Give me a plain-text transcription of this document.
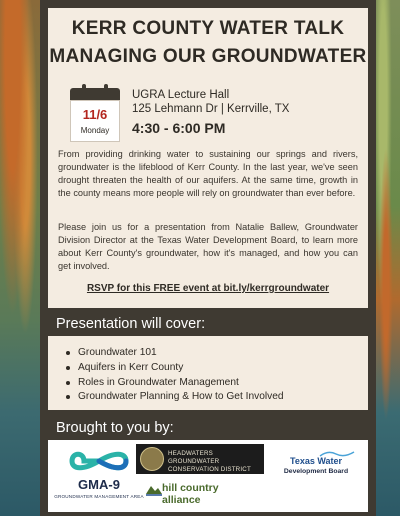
KERR COUNTY WATER TALK
MANAGING OUR GROUNDWATER
11/6
Monday
UGRA Lecture Hall
125 Lehmann Dr | Kerrville, TX
4:30 - 6:00 PM

From providing drinking water to sustaining our springs and rivers, groundwater is the lifeblood of Kerr County. In the last year, we've seen drought threaten the health of our aquifers. At the same time, growth in the county means more people will rely on groundwater than ever before.

Please join us for a presentation from Natalie Ballew, Groundwater Division Director at the Texas Water Development Board, to learn more about Kerr County's groundwater, how it's managed, and how you can get involved.

RSVP for this FREE event at bit.ly/kerrgroundwater
Presentation will cover:
Groundwater 101
Aquifers in Kerr County
Roles in Groundwater Management
Groundwater Planning & How to Get Involved
Brought to you by:
GMA-9
GROUNDWATER MANAGEMENT AREA
HEADWATERS GROUNDWATER
CONSERVATION DISTRICT
hill country alliance
Texas Water
Development Board
